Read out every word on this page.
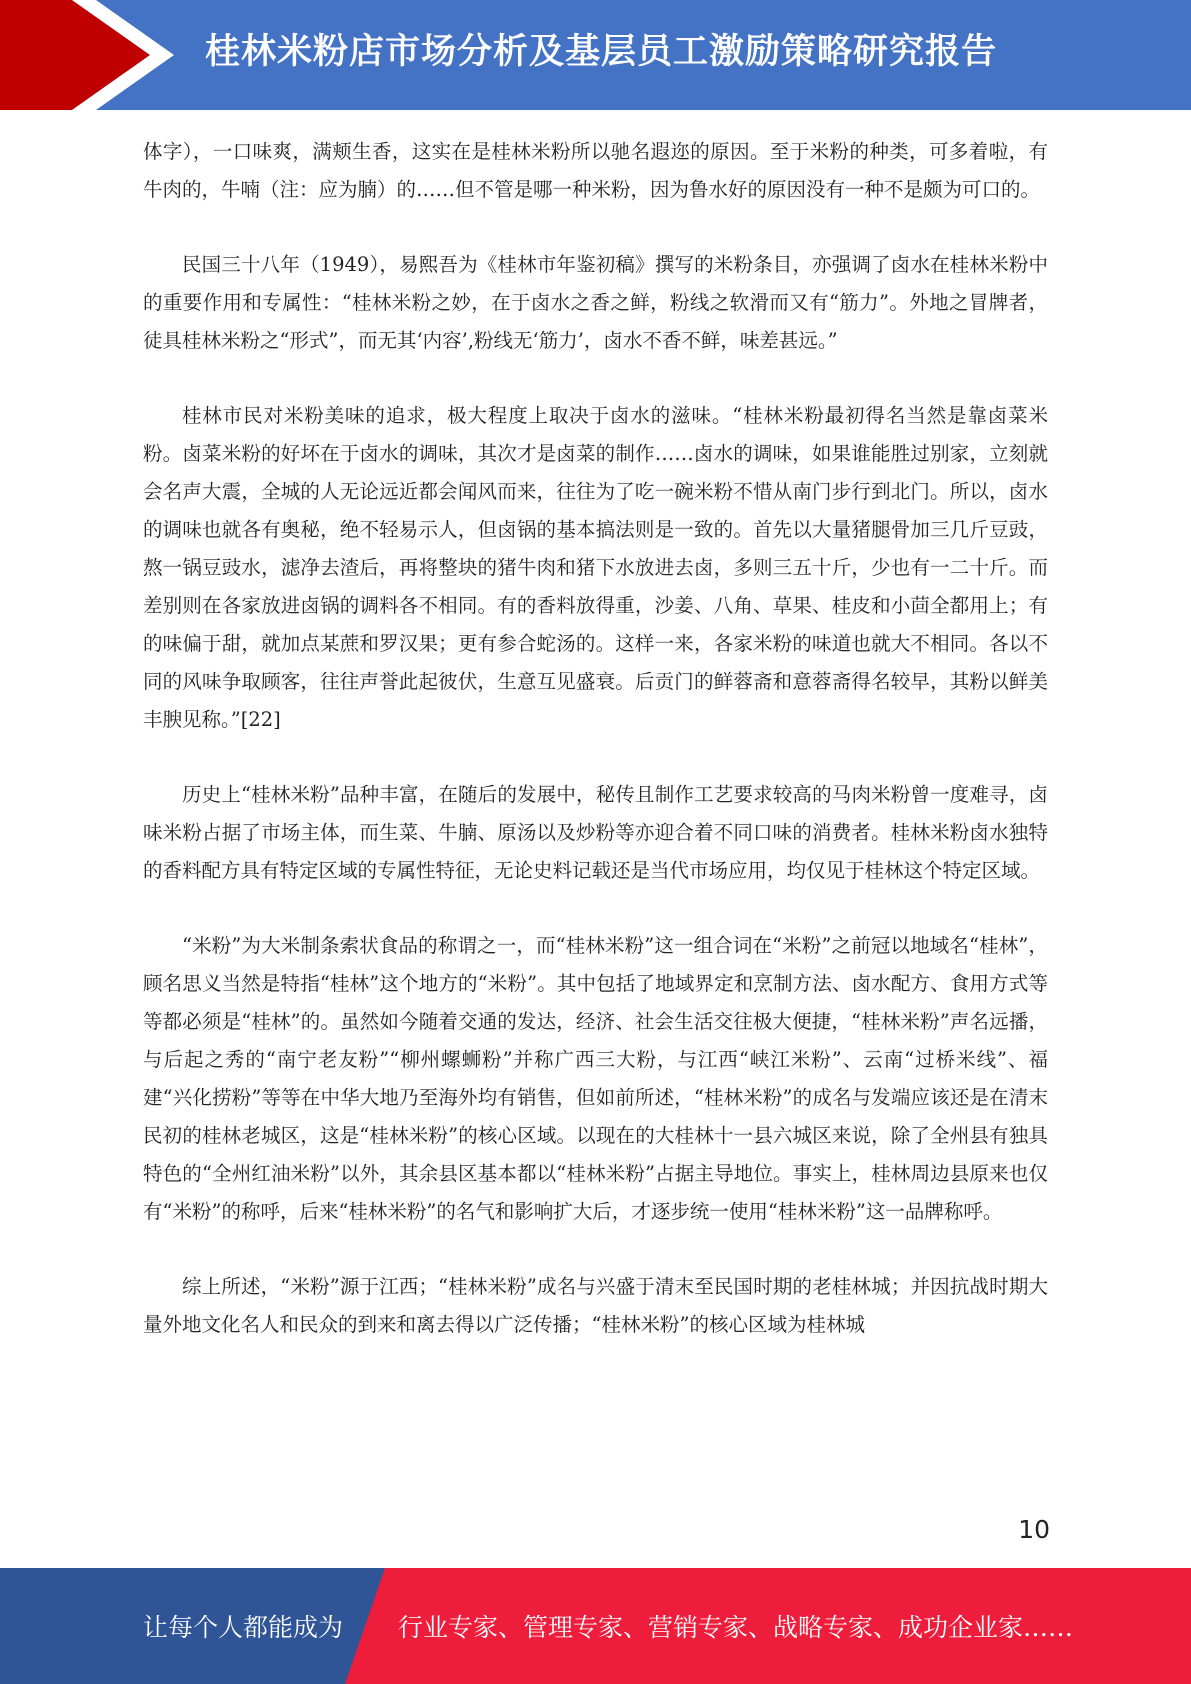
桂林米粉店市场分析及基层员工激励策略研究报告

体字），一口味爽，满颊生香，这实在是桂林米粉所以驰名遐迩的原因。至于米粉的种类，可多着啦，有牛肉的，牛喃（注：应为腩）的……但不管是哪一种米粉，因为鲁水好的原因没有一种不是颇为可口的。

民国三十八年（1949），易熙吾为《桂林市年鉴初稿》撰写的米粉条目，亦强调了卤水在桂林米粉中的重要作用和专属性：“桂林米粉之妙，在于卤水之香之鲜，粉线之软滑而又有“筋力”。外地之冒牌者，徒具桂林米粉之“形式”，而无其‘内容’,粉线无‘筋力’，卤水不香不鲜，味差甚远。”

桂林市民对米粉美味的追求，极大程度上取决于卤水的滋味。“桂林米粉最初得名当然是靠卤菜米粉。卤菜米粉的好坏在于卤水的调味，其次才是卤菜的制作……卤水的调味，如果谁能胜过别家，立刻就会名声大震，全城的人无论远近都会闻风而来，往往为了吃一碗米粉不惜从南门步行到北门。所以，卤水的调味也就各有奥秘，绝不轻易示人，但卤锅的基本搞法则是一致的。首先以大量猪腿骨加三几斤豆豉，熬一锅豆豉水，滤净去渣后，再将整块的猪牛肉和猪下水放进去卤，多则三五十斤，少也有一二十斤。而差别则在各家放进卤锅的调料各不相同。有的香料放得重，沙姜、八角、草果、桂皮和小茴全都用上；有的味偏于甜，就加点某蔗和罗汉果；更有参合蛇汤的。这样一来，各家米粉的味道也就大不相同。各以不同的风味争取顾客，往往声誉此起彼伏，生意互见盛衰。后贡门的鲜蓉斋和意蓉斋得名较早，其粉以鲜美丰腴见称。”[22]

历史上“桂林米粉”品种丰富，在随后的发展中，秘传且制作工艺要求较高的马肉米粉曾一度难寻，卤味米粉占据了市场主体，而生菜、牛腩、原汤以及炒粉等亦迎合着不同口味的消费者。桂林米粉卤水独特的香料配方具有特定区域的专属性特征，无论史料记载还是当代市场应用，均仅见于桂林这个特定区域。

“米粉”为大米制条索状食品的称谓之一，而“桂林米粉”这一组合词在“米粉”之前冠以地域名“桂林”，顾名思义当然是特指“桂林”这个地方的“米粉”。其中包括了地域界定和烹制方法、卤水配方、食用方式等等都必须是“桂林”的。虽然如今随着交通的发达，经济、社会生活交往极大便捷，“桂林米粉”声名远播，与后起之秀的“南宁老友粉”“柳州螺蛳粉”并称广西三大粉，与江西“峡江米粉”、云南“过桥米线”、福建“兴化捞粉”等等在中华大地乃至海外均有销售，但如前所述，“桂林米粉”的成名与发端应该还是在清末民初的桂林老城区，这是“桂林米粉”的核心区域。以现在的大桂林十一县六城区来说，除了全州县有独具特色的“全州红油米粉”以外，其余县区基本都以“桂林米粉”占据主导地位。事实上，桂林周边县原来也仅有“米粉”的称呼，后来“桂林米粉”的名气和影响扩大后，才逐步统一使用“桂林米粉”这一品牌称呼。

综上所述，“米粉”源于江西；“桂林米粉”成名与兴盛于清末至民国时期的老桂林城；并因抗战时期大量外地文化名人和民众的到来和离去得以广泛传播；“桂林米粉”的核心区域为桂林城

10
让每个人都能成为 行业专家、管理专家、营销专家、战略专家、成功企业家……
